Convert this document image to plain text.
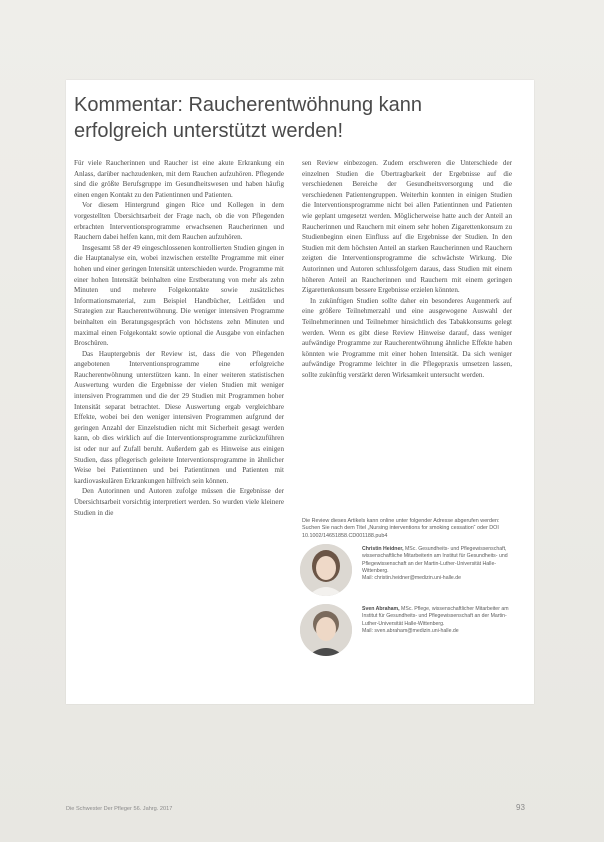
Kommentar: Raucherentwöhnung kann
erfolgreich unterstützt werden!

Für viele Raucherinnen und Raucher ist eine akute Erkrankung ein Anlass, darüber nachzudenken, mit dem Rauchen aufzuhören. Pflegende sind die größte Berufsgruppe im Gesundheitswesen und haben häufig einen engen Kontakt zu den Patientinnen und Patienten.

Vor diesem Hintergrund gingen Rice und Kollegen in dem vorgestellten Übersichtsarbeit der Frage nach, ob die von Pflegenden erbrachten Interventionsprogramme erwachsenen Raucherinnen und Rauchern dabei helfen kann, mit dem Rauchen aufzuhören.

Insgesamt 58 der 49 eingeschlossenen kontrollierten Studien gingen in die Hauptanalyse ein, wobei inzwischen erstellte Programme mit einer hohen und einer geringen Intensität unterschieden wurde. Programme mit einer hohen Intensität beinhalten eine Erstberatung von mehr als zehn Minuten und mehrere Folgekontakte sowie zusätzliches Informationsmaterial, zum Beispiel Handbücher, Leitfäden und Strategien zur Raucherentwöhnung. Die weniger intensiven Programme beinhalten ein Beratungsgespräch von höchstens zehn Minuten und maximal einen Folgekontakt sowie optional die Ausgabe von einfachen Broschüren.

Das Hauptergebnis der Review ist, dass die von Pflegenden angebotenen Interventionsprogramme eine erfolgreiche Raucherentwöhnung unterstützen kann. In einer weiteren statistischen Auswertung wurden die Ergebnisse der vielen Studien mit weniger intensiven Programmen und die der 29 Studien mit Programmen hoher Intensität separat betrachtet. Diese Auswertung ergab vergleichbare Effekte, wobei bei den weniger intensiven Programmen aufgrund der geringen Anzahl der Einzelstudien nicht mit Sicherheit gesagt werden kann, ob dies wirklich auf die Interventionsprogramme zurückzuführen ist oder nur auf Zufall beruht. Außerdem gab es Hinweise aus einigen Studien, dass pflegerisch geleitete Interventionsprogramme in ähnlicher Weise bei Patientinnen und bei Patientinnen und Patienten mit kardiovaskulären Erkrankungen hilfreich sein können.

Den Autorinnen und Autoren zufolge müssen die Ergebnisse der Übersichtsarbeit vorsichtig interpretiert werden. So wurden viele kleinere Studien in die

sen Review einbezogen. Zudem erschweren die Unterschiede der einzelnen Studien die Übertragbarkeit der Ergebnisse auf die verschiedenen Bereiche der Gesundheitsversorgung und die verschiedenen Patientengruppen. Weiterhin konnten in einigen Studien die Interventionsprogramme nicht bei allen Patientinnen und Patienten wie geplant umgesetzt werden. Möglicherweise hatte auch der Anteil an Raucherinnen und Rauchern mit einem sehr hohen Zigarettenkonsum zu Studienbeginn einen Einfluss auf die Ergebnisse der Studien. In den Studien mit dem höchsten Anteil an starken Raucherinnen und Rauchern zeigten die Interventionsprogramme die schwächste Wirkung. Die Autorinnen und Autoren schlussfolgern daraus, dass Studien mit einem höheren Anteil an Raucherinnen und Rauchern mit einem geringen Zigarettenkonsum bessere Ergebnisse erzielen könnten.

In zukünftigen Studien sollte daher ein besonderes Augenmerk auf eine größere Teilnehmerzahl und eine ausgewogene Auswahl der Teilnehmerinnen und Teilnehmer hinsichtlich des Tabakkonsums gelegt werden. Wenn es gibt diese Review Hinweise darauf, dass weniger aufwändige Programme zur Raucherentwöhnung ähnliche Effekte haben könnten wie Programme mit einer hohen Intensität. Da sich weniger aufwändige Programme leichter in die Pflegepraxis umsetzen lassen, sollte zukünftig verstärkt deren Wirksamkeit untersucht werden.

Die Review dieses Artikels kann online unter folgender Adresse abgerufen werden: Suchen Sie nach dem Titel „Nursing interventions for smoking cessation“ oder DOI 10.1002/14651858.CD001188.pub4
Christin Heidner, MSc. Gesundheits- und Pflegewissenschaft, wissenschaftliche Mitarbeiterin am Institut für Gesundheits- und Pflegewissenschaft an der Martin-Luther-Universität Halle-Wittenberg.
Mail: christin.heidner@medizin.uni-halle.de
Sven Abraham, MSc. Pflege, wissenschaftlicher Mitarbeiter am Institut für Gesundheits- und Pflegewissenschaft an der Martin-Luther-Universität Halle-Wittenberg.
Mail: sven.abraham@medizin.uni-halle.de
Die Schwester Der Pfleger 56. Jahrg. 2017	93
